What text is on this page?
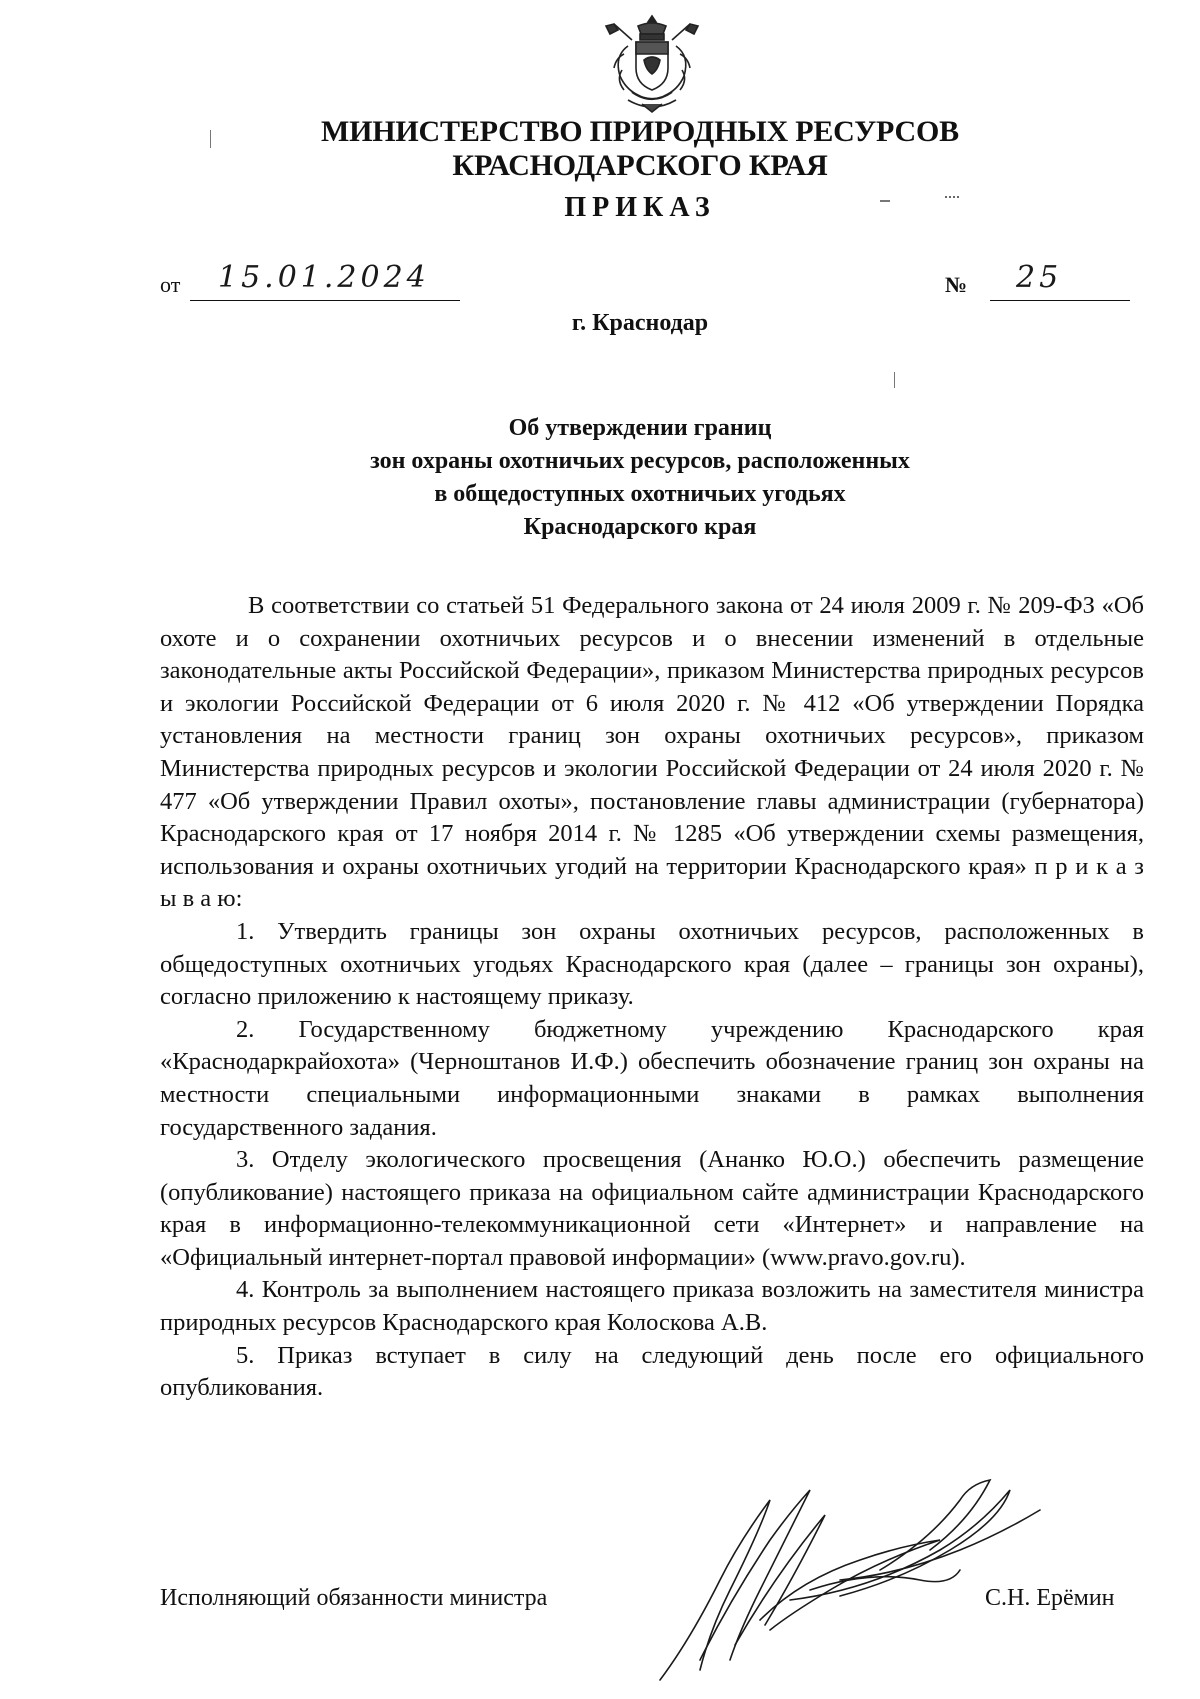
МИНИСТЕРСТВО ПРИРОДНЫХ РЕСУРСОВ
КРАСНОДАРСКОГО КРАЯ
ПРИКАЗ
от 15.01.2024	№ 25
г. Краснодар
Об утверждении границ
зон охраны охотничьих ресурсов, расположенных
в общедоступных охотничьих угодьях
Краснодарского края

В соответствии со статьей 51 Федерального закона от 24 июля 2009 г. № 209-ФЗ «Об охоте и о сохранении охотничьих ресурсов и о внесении изменений в отдельные законодательные акты Российской Федерации», приказом Министерства природных ресурсов и экологии Российской Федерации от 6 июля 2020 г. № 412 «Об утверждении Порядка установления на местности границ зон охраны охотничьих ресурсов», приказом Министерства природных ресурсов и экологии Российской Федерации от 24 июля 2020 г. № 477 «Об утверждении Правил охоты», постановление главы администрации (губернатора) Краснодарского края от 17 ноября 2014 г. № 1285 «Об утверждении схемы размещения, использования и охраны охотничьих угодий на территории Краснодарского края» п р и к а з ы в а ю:

1. Утвердить границы зон охраны охотничьих ресурсов, расположенных в общедоступных охотничьих угодьях Краснодарского края (далее – границы зон охраны), согласно приложению к настоящему приказу.

2. Государственному бюджетному учреждению Краснодарского края «Краснодаркрайохота» (Черноштанов И.Ф.) обеспечить обозначение границ зон охраны на местности специальными информационными знаками в рамках выполнения государственного задания.

3. Отделу экологического просвещения (Ананко Ю.О.) обеспечить размещение (опубликование) настоящего приказа на официальном сайте администрации Краснодарского края в информационно-телекоммуникационной сети «Интернет» и направление на «Официальный интернет-портал правовой информации» (www.pravo.gov.ru).

4. Контроль за выполнением настоящего приказа возложить на заместителя министра природных ресурсов Краснодарского края Колоскова А.В.

5. Приказ вступает в силу на следующий день после его официального опубликования.

Исполняющий обязанности министра	С.Н. Ерёмин
